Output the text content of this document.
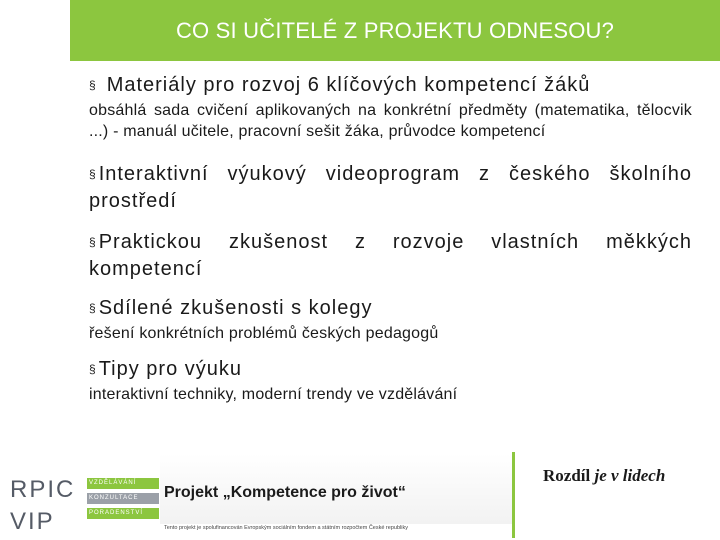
CO SI UČITELÉ Z PROJEKTU ODNESOU?
§ Materiály pro rozvoj 6 klíčových kompetencí žáků
obsáhlá sada cvičení aplikovaných na konkrétní předměty (matematika, tělocvik ...) - manuál učitele, pracovní sešit žáka, průvodce kompetencí
§ Interaktivní výukový videoprogram z českého školního prostředí
§ Praktickou zkušenost z rozvoje vlastních měkkých kompetencí
§ Sdílené zkušenosti s kolegy
řešení konkrétních problémů českých pedagogů
§ Tipy pro výuku
interaktivní techniky, moderní trendy ve vzdělávání
RPIC
VIP
VZDĚLÁVÁNÍ
KONZULTACE
PORADENSTVÍ
Projekt „Kompetence pro život“
Tento projekt je spolufinancován Evropským sociálním fondem a státním rozpočtem České republiky
Rozdíl je v lidech
